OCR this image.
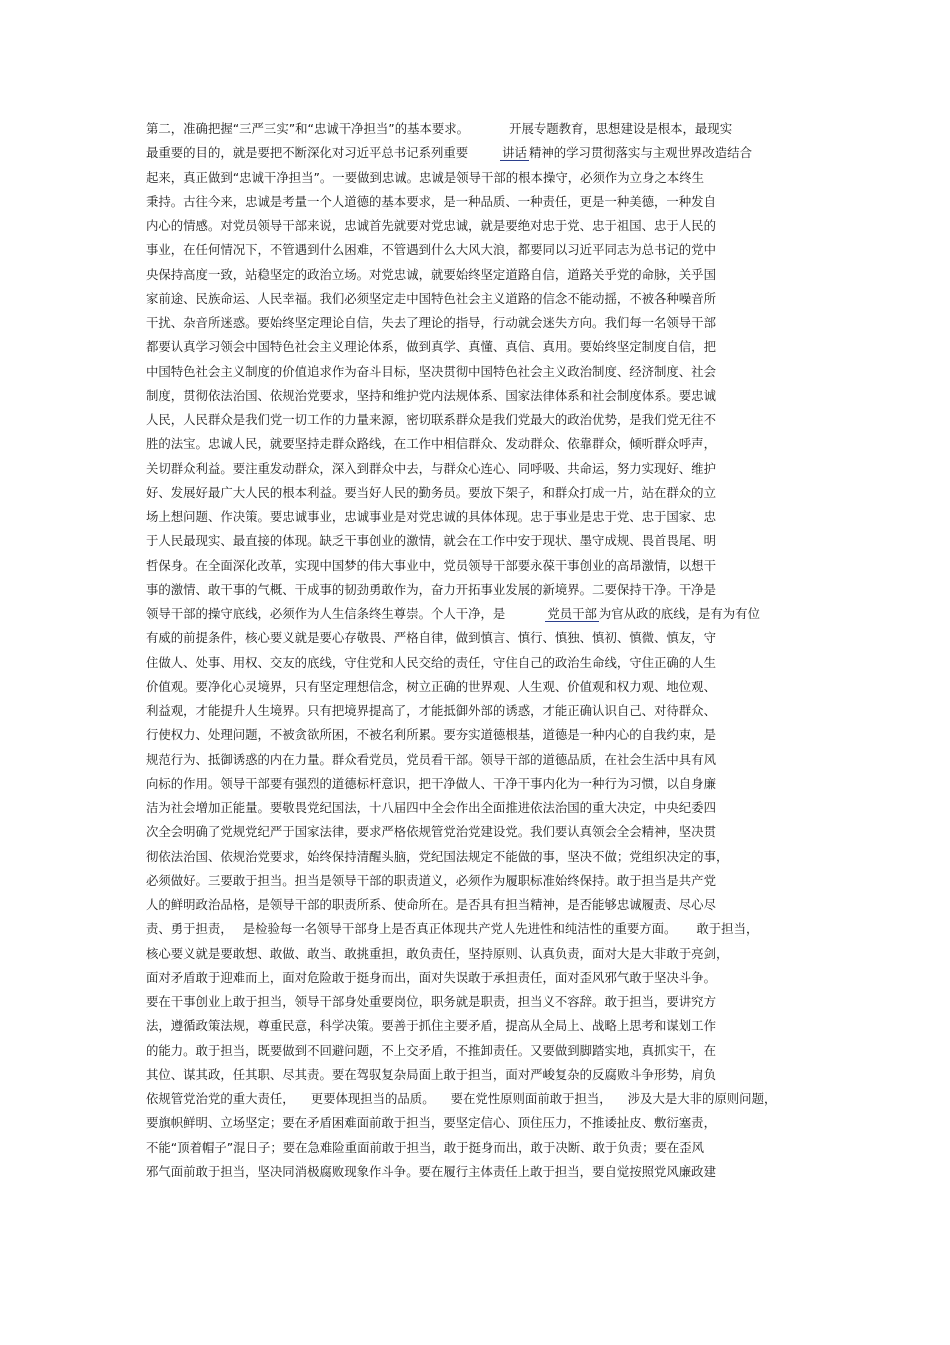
第二，准确把握“三严三实”和“忠诚干净担当”的基本要求。	开展专题教育，思想建设是根本，最现实
最重要的目的，就是要把不断深化对习近平总书记系列重要	讲话 精神的学习贯彻落实与主观世界改造结合
起来，真正做到“忠诚干净担当”。一要做到忠诚。忠诚是领导干部的根本操守，必须作为立身之本终生
秉持。古往今来，忠诚是考量一个人道德的基本要求，是一种品质、一种责任，更是一种美德，一种发自
内心的情感。对党员领导干部来说，忠诚首先就要对党忠诚，就是要绝对忠于党、忠于祖国、忠于人民的
事业，在任何情况下，不管遇到什么困难，不管遇到什么大风大浪，都要同以习近平同志为总书记的党中
央保持高度一致，站稳坚定的政治立场。对党忠诚，就要始终坚定道路自信，道路关乎党的命脉，关乎国
家前途、民族命运、人民幸福。我们必须坚定走中国特色社会主义道路的信念不能动摇，不被各种噪音所
干扰、杂音所迷惑。要始终坚定理论自信，失去了理论的指导，行动就会迷失方向。我们每一名领导干部
都要认真学习领会中国特色社会主义理论体系，做到真学、真懂、真信、真用。要始终坚定制度自信，把
中国特色社会主义制度的价值追求作为奋斗目标，坚决贯彻中国特色社会主义政治制度、经济制度、社会
制度，贯彻依法治国、依规治党要求，坚持和维护党内法规体系、国家法律体系和社会制度体系。要忠诚
人民，人民群众是我们党一切工作的力量来源，密切联系群众是我们党最大的政治优势，是我们党无往不
胜的法宝。忠诚人民，就要坚持走群众路线，在工作中相信群众、发动群众、依靠群众，倾听群众呼声，
关切群众利益。要注重发动群众，深入到群众中去，与群众心连心、同呼吸、共命运，努力实现好、维护
好、发展好最广大人民的根本利益。要当好人民的勤务员。要放下架子，和群众打成一片，站在群众的立
场上想问题、作决策。要忠诚事业，忠诚事业是对党忠诚的具体体现。忠于事业是忠于党、忠于国家、忠
于人民最现实、最直接的体现。缺乏干事创业的激情，就会在工作中安于现状、墨守成规、畏首畏尾、明
哲保身。在全面深化改革，实现中国梦的伟大事业中，党员领导干部要永葆干事创业的高昂激情，以想干
事的激情、敢干事的气概、干成事的韧劲勇敢作为，奋力开拓事业发展的新境界。二要保持干净。干净是
领导干部的操守底线，必须作为人生信条终生尊崇。个人干净，是	党员干部 为官从政的底线，是有为有位
有威的前提条件，核心要义就是要心存敬畏、严格自律，做到慎言、慎行、慎独、慎初、慎微、慎友，守
住做人、处事、用权、交友的底线，守住党和人民交给的责任，守住自己的政治生命线，守住正确的人生
价值观。要净化心灵境界，只有坚定理想信念，树立正确的世界观、人生观、价值观和权力观、地位观、
利益观，才能提升人生境界。只有把境界提高了，才能抵御外部的诱惑，才能正确认识自己、对待群众、
行使权力、处理问题，不被贪欲所困，不被名利所累。要夯实道德根基，道德是一种内心的自我约束，是
规范行为、抵御诱惑的内在力量。群众看党员，党员看干部。领导干部的道德品质，在社会生活中具有风
向标的作用。领导干部要有强烈的道德标杆意识，把干净做人、干净干事内化为一种行为习惯，以自身廉
洁为社会增加正能量。要敬畏党纪国法，十八届四中全会作出全面推进依法治国的重大决定，中央纪委四
次全会明确了党规党纪严于国家法律，要求严格依规管党治党建设党。我们要认真领会全会精神，坚决贯
彻依法治国、依规治党要求，始终保持清醒头脑，党纪国法规定不能做的事，坚决不做；党组织决定的事，
必须做好。三要敢于担当。担当是领导干部的职责道义，必须作为履职标准始终保持。敢于担当是共产党
人的鲜明政治品格，是领导干部的职责所系、使命所在。是否具有担当精神，是否能够忠诚履责、尽心尽
责、勇于担责， 是检验每一名领导干部身上是否真正体现共产党人先进性和纯洁性的重要方面。 敢于担当，
核心要义就是要敢想、敢做、敢当、敢挑重担，敢负责任，坚持原则、认真负责，面对大是大非敢于亮剑，
面对矛盾敢于迎难而上，面对危险敢于挺身而出，面对失误敢于承担责任，面对歪风邪气敢于坚决斗争。
要在干事创业上敢于担当，领导干部身处重要岗位，职务就是职责，担当义不容辞。敢于担当，要讲究方
法，遵循政策法规，尊重民意，科学决策。要善于抓住主要矛盾，提高从全局上、战略上思考和谋划工作
的能力。敢于担当，既要做到不回避问题，不上交矛盾，不推卸责任。又要做到脚踏实地，真抓实干，在
其位、谋其政，任其职、尽其责。要在驾驭复杂局面上敢于担当，面对严峻复杂的反腐败斗争形势，肩负
依规管党治党的重大责任， 更要体现担当的品质。 要在党性原则面前敢于担当， 涉及大是大非的原则问题，
要旗帜鲜明、立场坚定；要在矛盾困难面前敢于担当，要坚定信心、顶住压力，不推诿扯皮、敷衍塞责，
不能“顶着帽子”混日子；要在急难险重面前敢于担当，敢于挺身而出，敢于决断、敢于负责；要在歪风
邪气面前敢于担当，坚决同消极腐败现象作斗争。要在履行主体责任上敢于担当，要自觉按照党风廉政建
